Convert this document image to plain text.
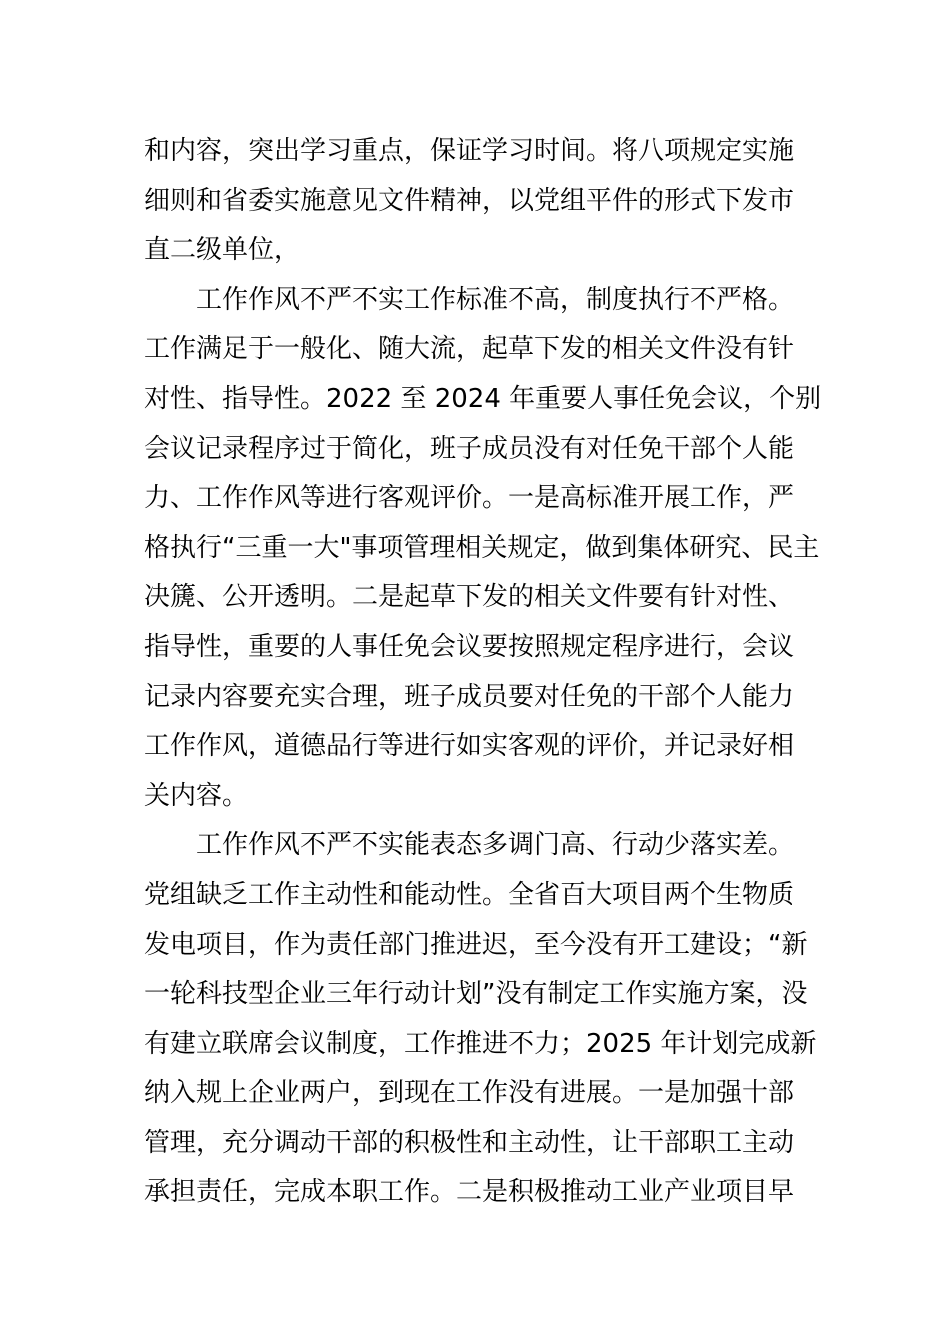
和内容，突出学习重点，保证学习时间。将八项规定实施
细则和省委实施意见文件精神，以党组平件的形式下发市
直二级单位，
工作作风不严不实工作标准不高，制度执行不严格。
工作满足于一般化、随大流，起草下发的相关文件没有针
对性、指导性。2022 至 2024 年重要人事任免会议，个别
会议记录程序过于简化，班子成员没有对任免干部个人能
力、工作作风等进行客观评价。一是高标准开展工作，严
格执行“三重一大"事项管理相关规定，做到集体研究、民主
决篪、公开透明。二是起草下发的相关文件要有针对性、
指导性，重要的人事任免会议要按照规定程序进行，会议
记录内容要充实合理，班子成员要对任免的干部个人能力
工作作风，道德品行等进行如实客观的评价，并记录好相
关内容。
工作作风不严不实能表态多调门高、行动少落实差。
党组缺乏工作主动性和能动性。全省百大项目两个生物质
发电项目，作为责任部门推进迟，至今没有开工建设；“新
一轮科技型企业三年行动计划”没有制定工作实施方案，没
有建立联席会议制度，工作推进不力；2025 年计划完成新
纳入规上企业两户，到现在工作没有进展。一是加强十部
管理，充分调动干部的积极性和主动性，让干部职工主动
承担责任，完成本职工作。二是积极推动工业产业项目早
